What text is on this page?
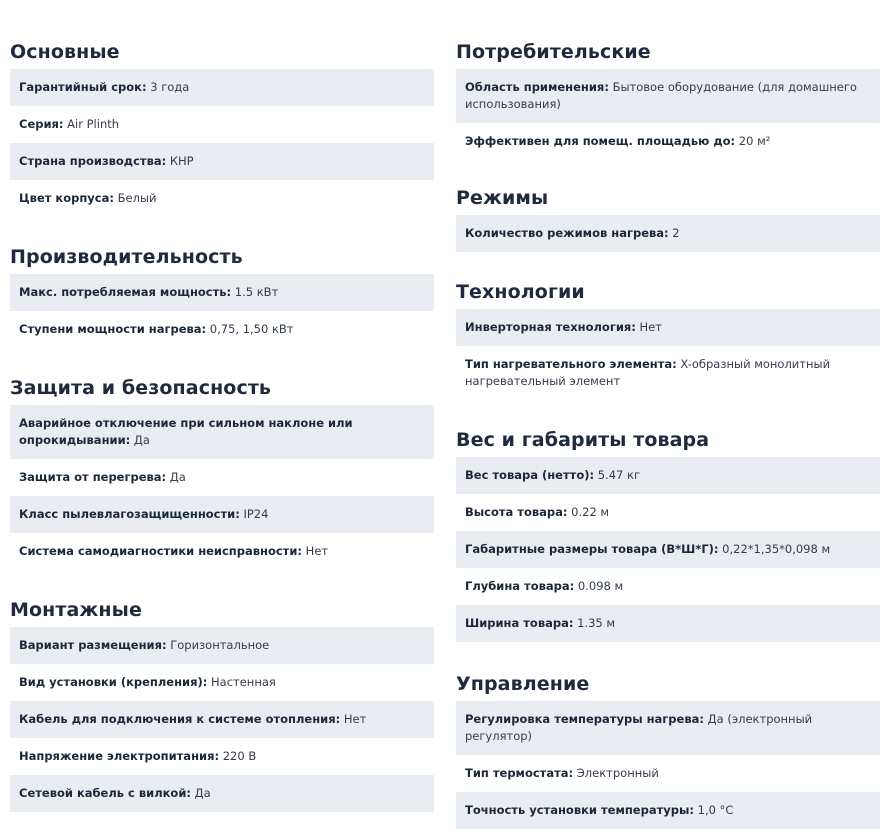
Основные
Гарантийный срок: 3 года
Серия: Air Plinth
Страна производства: КНР
Цвет корпуса: Белый
Производительность
Макс. потребляемая мощность: 1.5 кВт
Ступени мощности нагрева: 0,75, 1,50 кВт
Защита и безопасность
Аварийное отключение при сильном наклоне или опрокидывании: Да
Защита от перегрева: Да
Класс пылевлагозащищенности: IP24
Система самодиагностики неисправности: Нет
Монтажные
Вариант размещения: Горизонтальное
Вид установки (крепления): Настенная
Кабель для подключения к системе отопления: Нет
Напряжение электропитания: 220 В
Сетевой кабель с вилкой: Да
Потребительские
Область применения: Бытовое оборудование (для домашнего использования)
Эффективен для помещ. площадью до: 20 м²
Режимы
Количество режимов нагрева: 2
Технологии
Инверторная технология: Нет
Тип нагревательного элемента: X-образный монолитный нагревательный элемент
Вес и габариты товара
Вес товара (нетто): 5.47 кг
Высота товара: 0.22 м
Габаритные размеры товара (В*Ш*Г): 0,22*1,35*0,098 м
Глубина товара: 0.098 м
Ширина товара: 1.35 м
Управление
Регулировка температуры нагрева: Да (электронный регулятор)
Тип термостата: Электронный
Точность установки температуры: 1,0 °С
